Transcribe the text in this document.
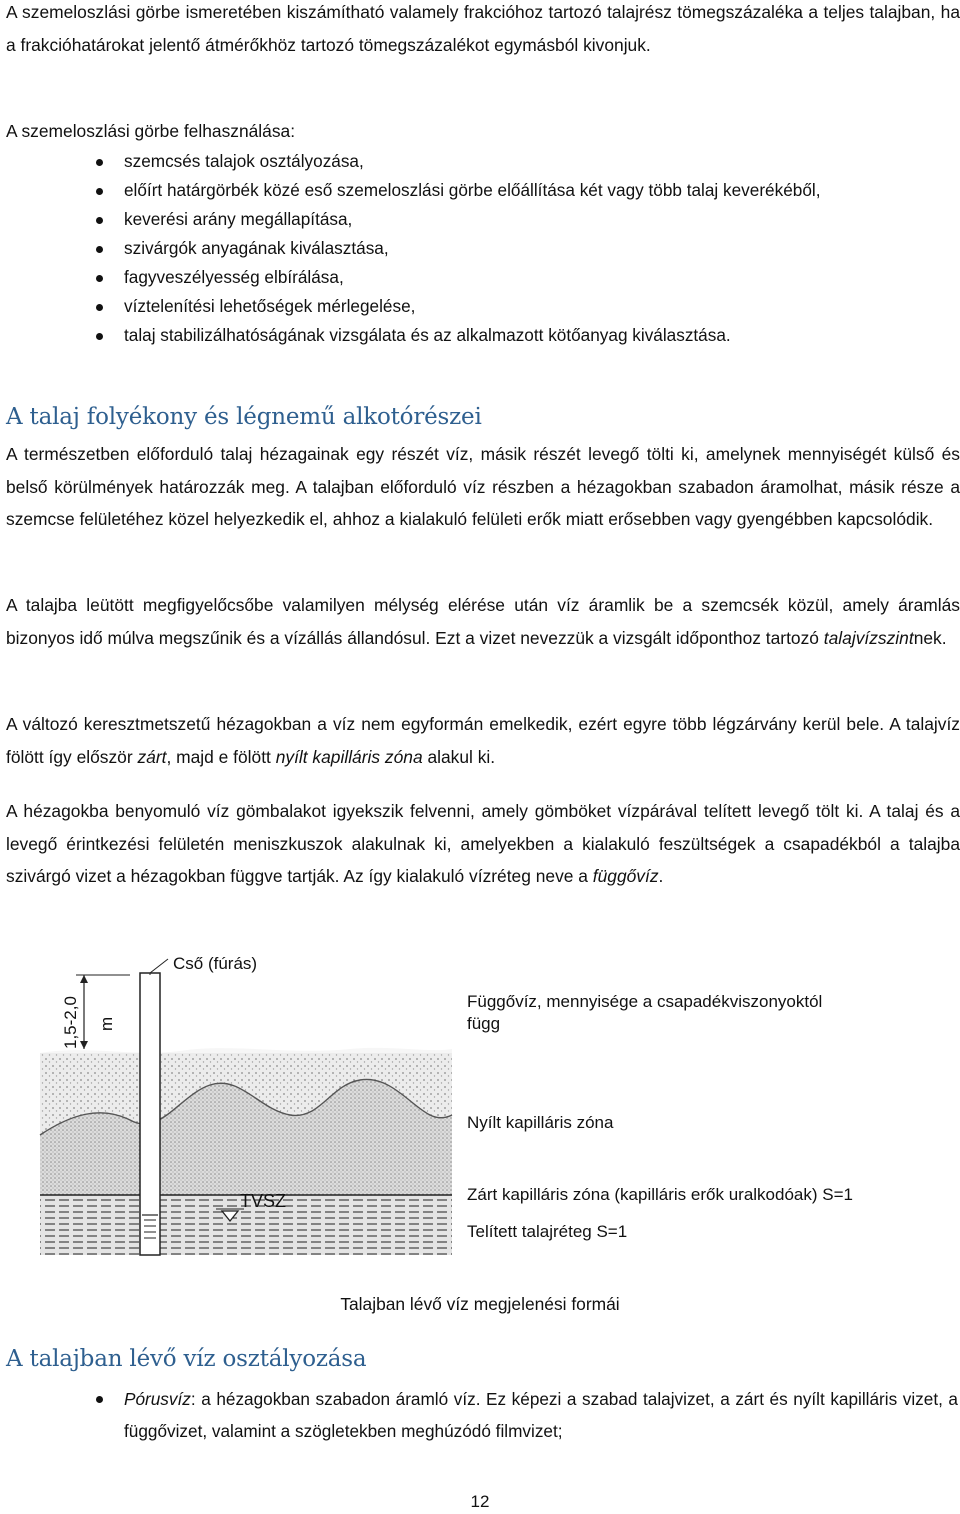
A szemeloszlási görbe ismeretében kiszámítható valamely frakcióhoz tartozó talajrész tömegszázaléka a teljes talajban, ha a frakcióhatárokat jelentő átmérőkhöz tartozó tömegszázalékot egymásból kivonjuk.

A szemeloszlási görbe felhasználása:

szemcsés talajok osztályozása,
előírt határgörbék közé eső szemeloszlási görbe előállítása két vagy több talaj keverékéből,
keverési arány megállapítása,
szivárgók anyagának kiválasztása,
fagyveszélyesség elbírálása,
víztelenítési lehetőségek mérlegelése,
talaj stabilizálhatóságának vizsgálata és az alkalmazott kötőanyag kiválasztása.
A talaj folyékony és légnemű alkotórészei

A természetben előforduló talaj hézagainak egy részét víz, másik részét levegő tölti ki, amelynek mennyiségét külső és belső körülmények határozzák meg. A talajban előforduló víz részben a hézagokban szabadon áramolhat, másik része a szemcse felületéhez közel helyezkedik el, ahhoz a kialakuló felületi erők miatt erősebben vagy gyengébben kapcsolódik.

A talajba leütött megfigyelőcsőbe valamilyen mélység elérése után víz áramlik be a szemcsék közül, amely áramlás bizonyos idő múlva megszűnik és a vízállás állandósul. Ezt a vizet nevezzük a vizsgált időponthoz tartozó talajvízszintnek.

A változó keresztmetszetű hézagokban a víz nem egyformán emelkedik, ezért egyre több légzárvány kerül bele. A talajvíz fölött így először zárt, majd e fölött nyílt kapilláris zóna alakul ki.

A hézagokba benyomuló víz gömbalakot igyekszik felvenni, amely gömböket vízpárával telített levegő tölt ki. A talaj és a levegő érintkezési felületén meniszkuszok alakulnak ki, amelyekben a kialakuló feszültségek a csapadékból a talajba szivárgó vizet a hézagokban függve tartják. Az így kialakuló vízréteg neve a függővíz.

Cső (fúrás)
1,5-2,0 m
TVSZ
Függővíz, mennyisége a csapadékviszonyoktól
függ
Nyílt kapilláris zóna
Zárt kapilláris zóna (kapilláris erők uralkodóak) S=1
Telített talajréteg S=1
Talajban lévő víz megjelenési formái
A talajban lévő víz osztályozása
Pórusvíz: a hézagokban szabadon áramló víz. Ez képezi a szabad talajvizet, a zárt és nyílt kapilláris vizet, a függővizet, valamint a szögletekben meghúzódó filmvizet;
12
